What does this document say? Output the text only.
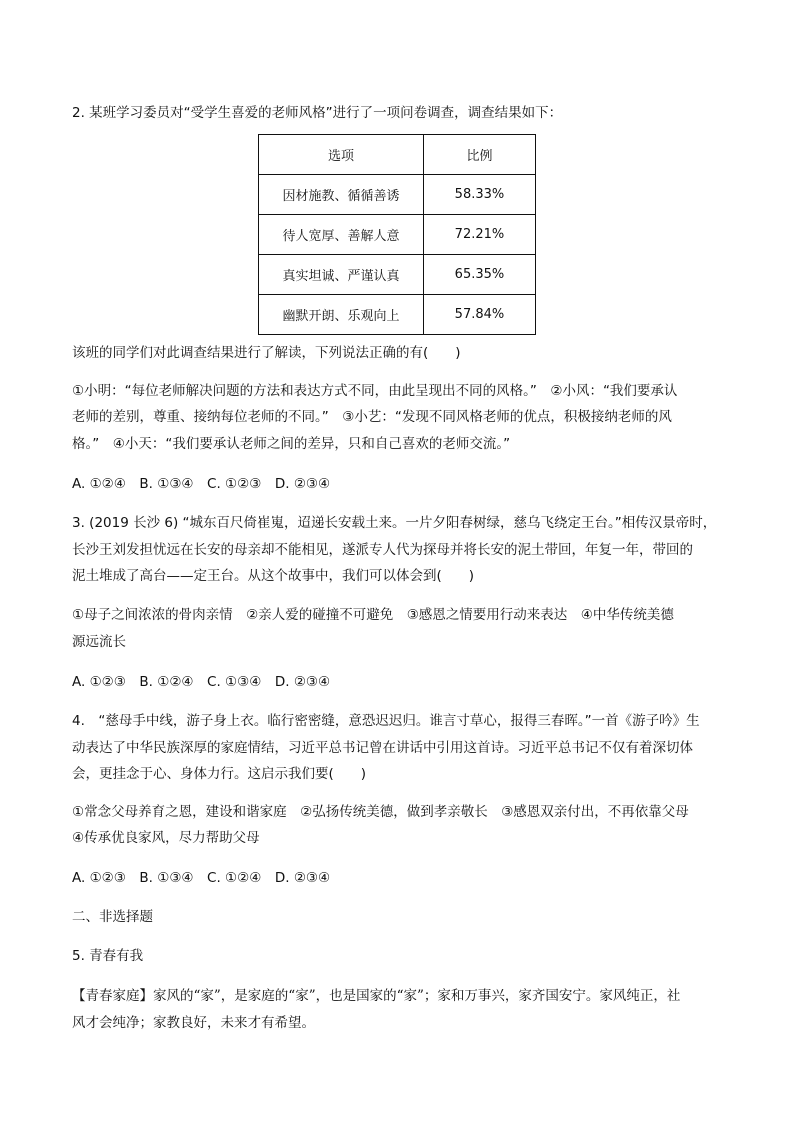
2. 某班学习委员对“受学生喜爱的老师风格”进行了一项问卷调查，调查结果如下：
选项	比例
因材施教、循循善诱	58.33%
待人宽厚、善解人意	72.21%
真实坦诚、严谨认真	65.35%
幽默开朗、乐观向上	57.84%
该班的同学们对此调查结果进行了解读，下列说法正确的有(　　)
①小明：“每位老师解决问题的方法和表达方式不同，由此呈现出不同的风格。”　②小风：“我们要承认
老师的差别，尊重、接纳每位老师的不同。”　③小艺：“发现不同风格老师的优点，积极接纳老师的风
格。”　④小天：“我们要承认老师之间的差异，只和自己喜欢的老师交流。”
A. ①②④　B. ①③④　C. ①②③　D. ②③④
3. (2019 长沙 6) “城东百尺倚崔嵬，迢递长安载土来。一片夕阳春树绿，慈乌飞绕定王台。”相传汉景帝时，
长沙王刘发担忧远在长安的母亲却不能相见，遂派专人代为探母并将长安的泥土带回，年复一年，带回的
泥土堆成了高台——定王台。从这个故事中，我们可以体会到(　　)
①母子之间浓浓的骨肉亲情　②亲人爱的碰撞不可避免　③感恩之情要用行动来表达　④中华传统美德
源远流长
A. ①②③　B. ①②④　C. ①③④　D. ②③④
4.　“慈母手中线，游子身上衣。临行密密缝，意恐迟迟归。谁言寸草心，报得三春晖。”一首《游子吟》生
动表达了中华民族深厚的家庭情结，习近平总书记曾在讲话中引用这首诗。习近平总书记不仅有着深切体
会，更挂念于心、身体力行。这启示我们要(　　)
①常念父母养育之恩，建设和谐家庭　②弘扬传统美德，做到孝亲敬长　③感恩双亲付出，不再依靠父母
④传承优良家风，尽力帮助父母
A. ①②③　B. ①③④　C. ①②④　D. ②③④
二、非选择题
5. 青春有我
【青春家庭】家风的“家”，是家庭的“家”，也是国家的“家”；家和万事兴，家齐国安宁。家风纯正，社
风才会纯净；家教良好，未来才有希望。
